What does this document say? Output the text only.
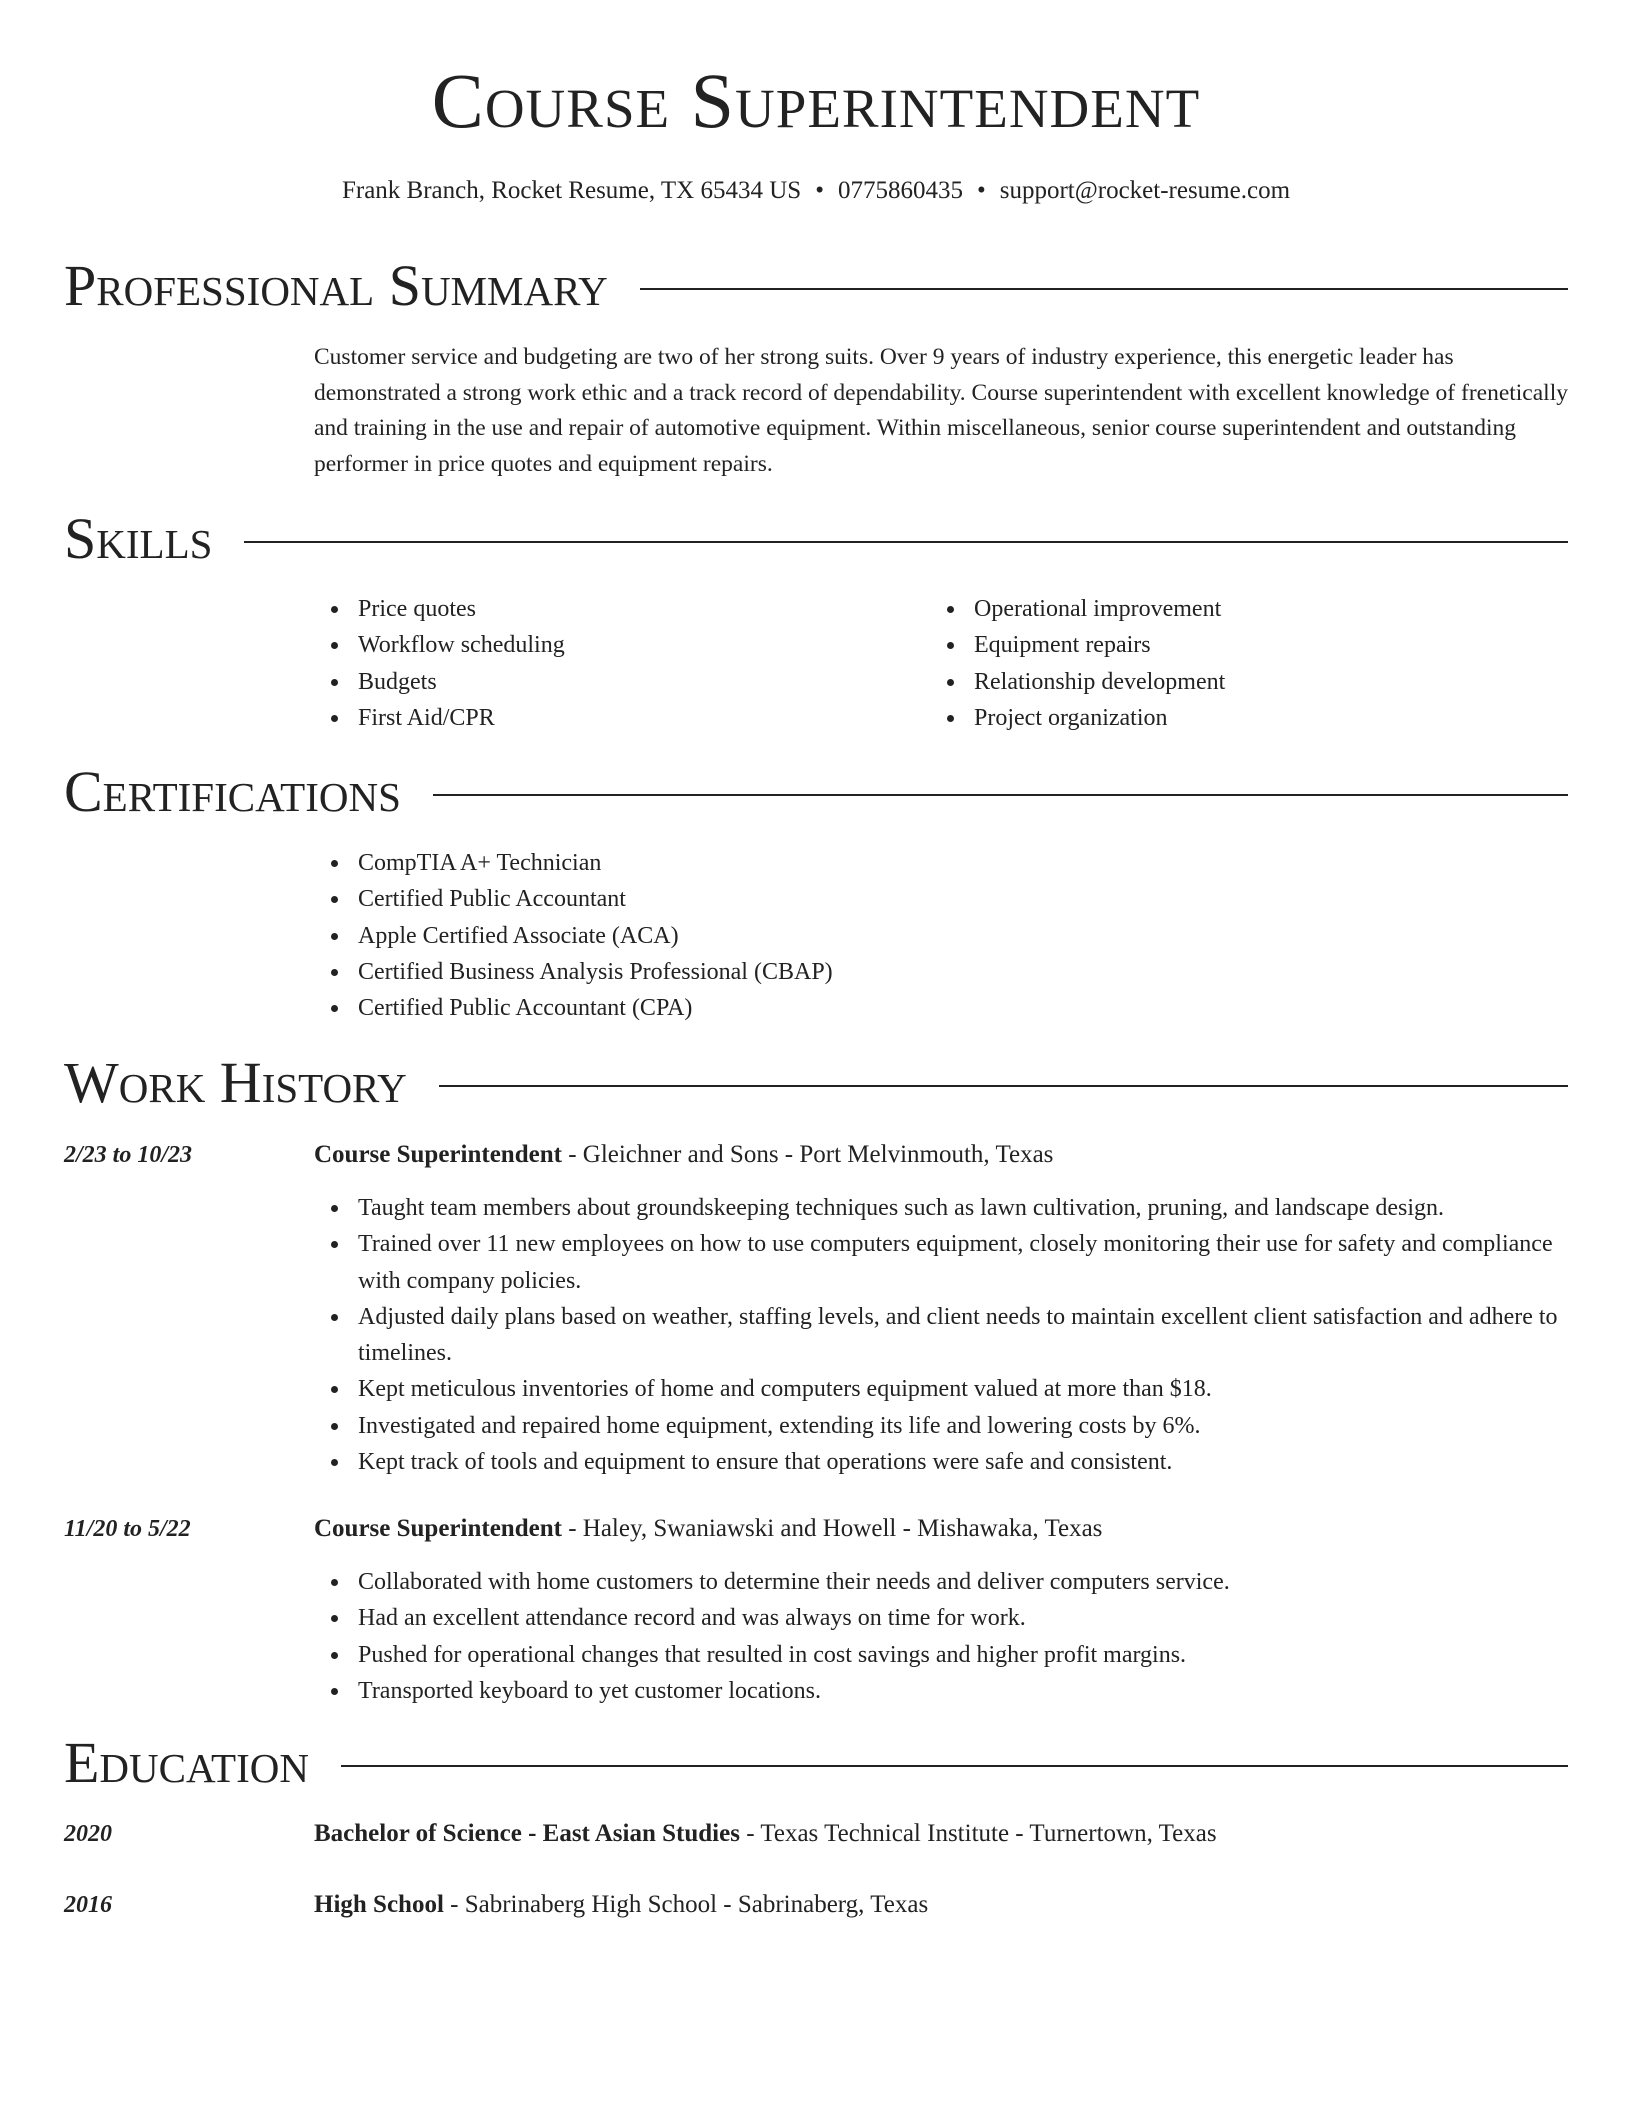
Course Superintendent
Frank Branch, Rocket Resume, TX 65434 US • 0775860435 • support@rocket-resume.com
Professional Summary

Customer service and budgeting are two of her strong suits. Over 9 years of industry experience, this energetic leader has demonstrated a strong work ethic and a track record of dependability. Course superintendent with excellent knowledge of frenetically and training in the use and repair of automotive equipment. Within miscellaneous, senior course superintendent and outstanding performer in price quotes and equipment repairs.

Skills
Price quotes
Workflow scheduling
Budgets
First Aid/CPR
Operational improvement
Equipment repairs
Relationship development
Project organization
Certifications
CompTIA A+ Technician
Certified Public Accountant
Apple Certified Associate (ACA)
Certified Business Analysis Professional (CBAP)
Certified Public Accountant (CPA)
Work History
2/23 to 10/23	Course Superintendent - Gleichner and Sons - Port Melvinmouth, Texas
Taught team members about groundskeeping techniques such as lawn cultivation, pruning, and landscape design.
Trained over 11 new employees on how to use computers equipment, closely monitoring their use for safety and compliance with company policies.
Adjusted daily plans based on weather, staffing levels, and client needs to maintain excellent client satisfaction and adhere to timelines.
Kept meticulous inventories of home and computers equipment valued at more than $18.
Investigated and repaired home equipment, extending its life and lowering costs by 6%.
Kept track of tools and equipment to ensure that operations were safe and consistent.
11/20 to 5/22	Course Superintendent - Haley, Swaniawski and Howell - Mishawaka, Texas
Collaborated with home customers to determine their needs and deliver computers service.
Had an excellent attendance record and was always on time for work.
Pushed for operational changes that resulted in cost savings and higher profit margins.
Transported keyboard to yet customer locations.
Education
2020	Bachelor of Science - East Asian Studies - Texas Technical Institute - Turnertown, Texas
2016	High School - Sabrinaberg High School - Sabrinaberg, Texas
